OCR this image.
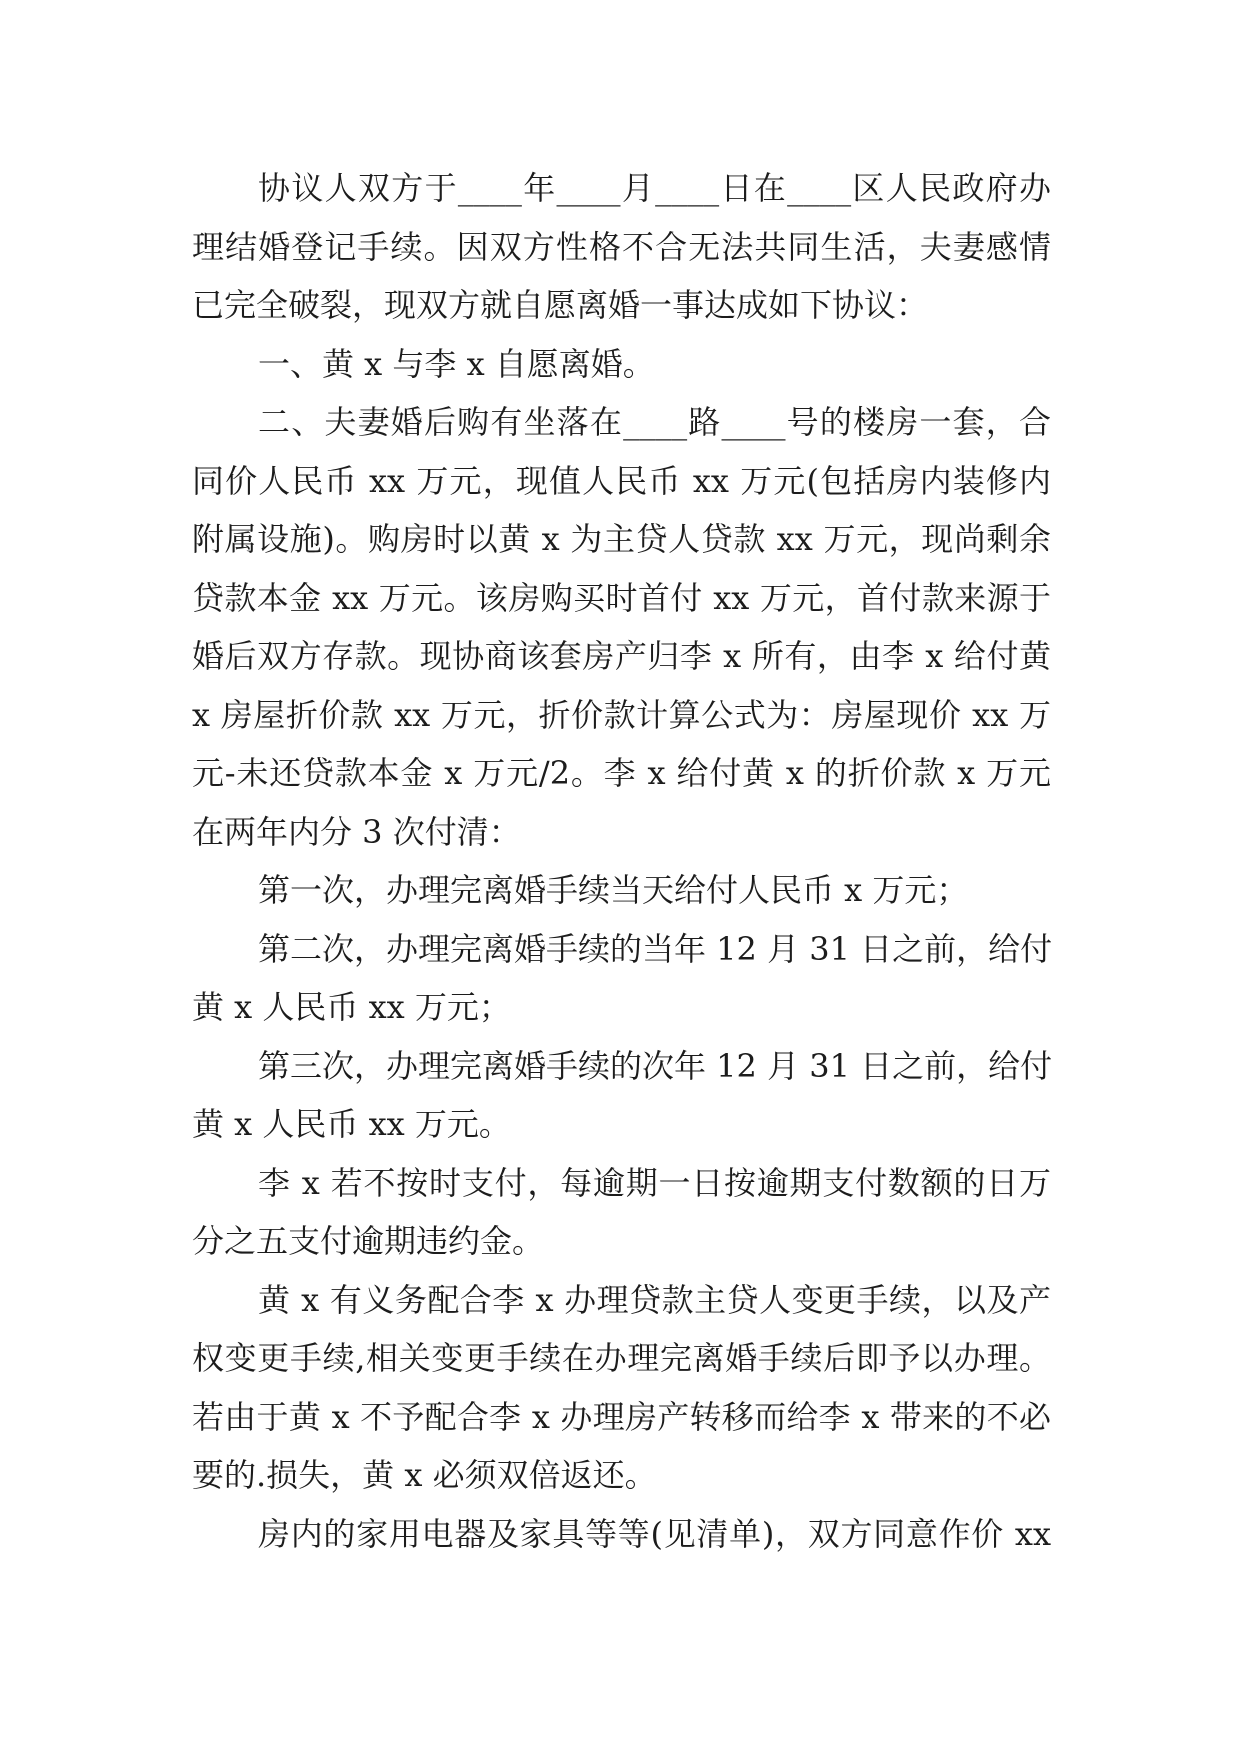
协议人双方于____年____月____日在____区人民政府办
理结婚登记手续。因双方性格不合无法共同生活，夫妻感情
已完全破裂，现双方就自愿离婚一事达成如下协议：
一、黄 x 与李 x 自愿离婚。
二、夫妻婚后购有坐落在____路____号的楼房一套，合
同价人民币 xx 万元，现值人民币 xx 万元(包括房内装修内
附属设施)。购房时以黄 x 为主贷人贷款 xx 万元，现尚剩余
贷款本金 xx 万元。该房购买时首付 xx 万元，首付款来源于
婚后双方存款。现协商该套房产归李 x 所有，由李 x 给付黄
x 房屋折价款 xx 万元，折价款计算公式为：房屋现价 xx 万
元-未还贷款本金 x 万元/2。李 x 给付黄 x 的折价款 x 万元
在两年内分 3 次付清：
第一次，办理完离婚手续当天给付人民币 x 万元；
第二次，办理完离婚手续的当年 12 月 31 日之前，给付
黄 x 人民币 xx 万元；
第三次，办理完离婚手续的次年 12 月 31 日之前，给付
黄 x 人民币 xx 万元。
李 x 若不按时支付，每逾期一日按逾期支付数额的日万
分之五支付逾期违约金。
黄 x 有义务配合李 x 办理贷款主贷人变更手续，以及产
权变更手续,相关变更手续在办理完离婚手续后即予以办理。
若由于黄 x 不予配合李 x 办理房产转移而给李 x 带来的不必
要的.损失，黄 x 必须双倍返还。
房内的家用电器及家具等等(见清单)，双方同意作价 xx
